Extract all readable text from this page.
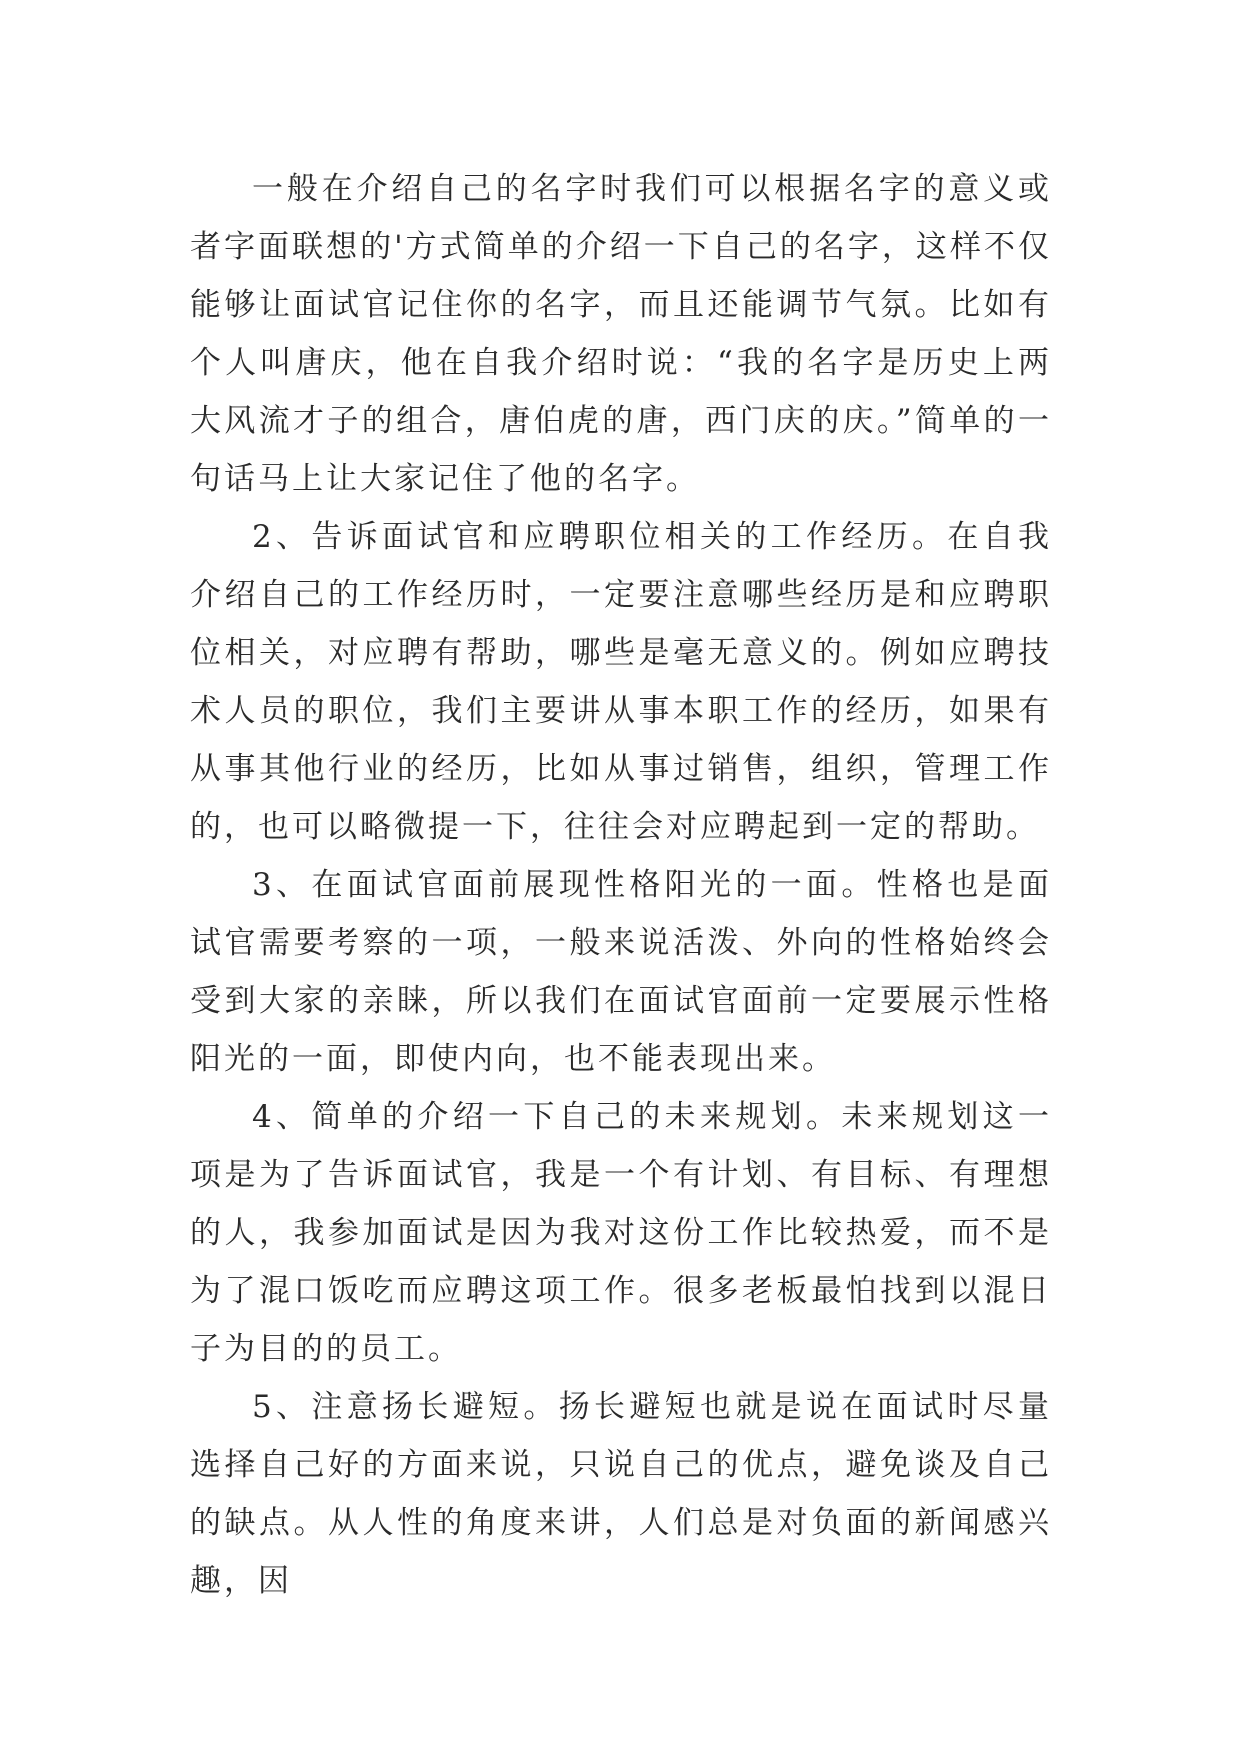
一般在介绍自己的名字时我们可以根据名字的意义或者字面联想的'方式简单的介绍一下自己的名字，这样不仅能够让面试官记住你的名字，而且还能调节气氛。比如有个人叫唐庆，他在自我介绍时说：“我的名字是历史上两大风流才子的组合，唐伯虎的唐，西门庆的庆。”简单的一句话马上让大家记住了他的名字。

2、告诉面试官和应聘职位相关的工作经历。在自我介绍自己的工作经历时，一定要注意哪些经历是和应聘职位相关，对应聘有帮助，哪些是毫无意义的。例如应聘技术人员的职位，我们主要讲从事本职工作的经历，如果有从事其他行业的经历，比如从事过销售，组织，管理工作的，也可以略微提一下，往往会对应聘起到一定的帮助。

3、在面试官面前展现性格阳光的一面。性格也是面试官需要考察的一项，一般来说活泼、外向的性格始终会受到大家的亲睐，所以我们在面试官面前一定要展示性格阳光的一面，即使内向，也不能表现出来。

4、简单的介绍一下自己的未来规划。未来规划这一项是为了告诉面试官，我是一个有计划、有目标、有理想的人，我参加面试是因为我对这份工作比较热爱，而不是为了混口饭吃而应聘这项工作。很多老板最怕找到以混日子为目的的员工。

5、注意扬长避短。扬长避短也就是说在面试时尽量选择自己好的方面来说，只说自己的优点，避免谈及自己的缺点。从人性的角度来讲，人们总是对负面的新闻感兴趣，因
